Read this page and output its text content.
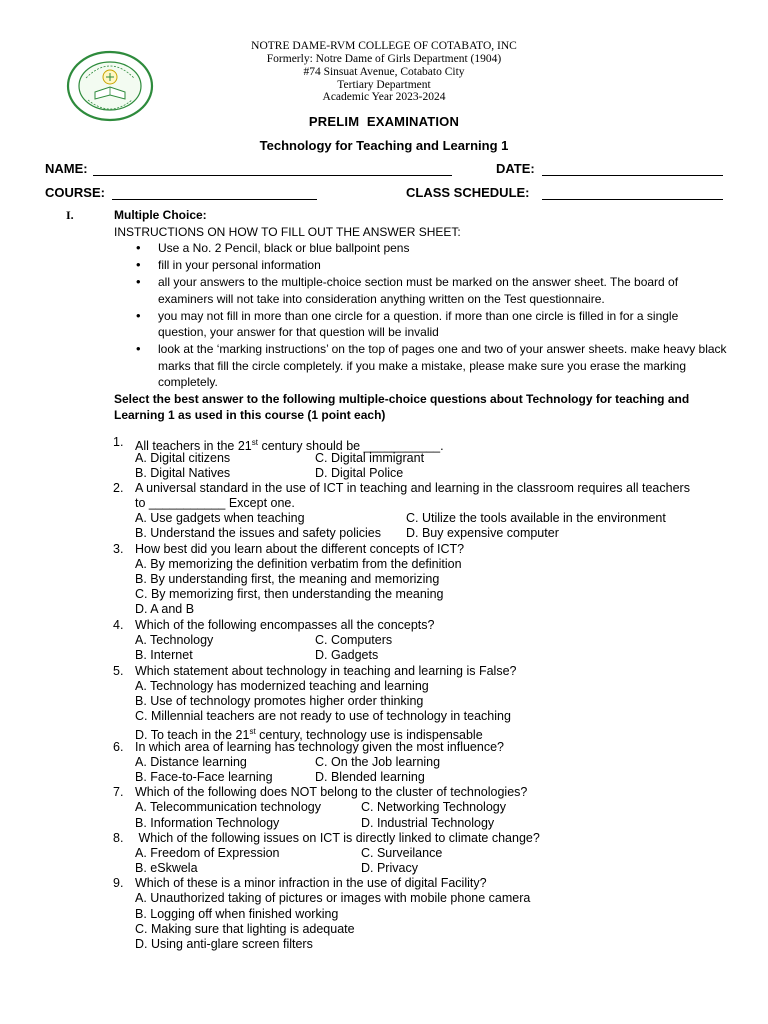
NOTRE DAME-RVM COLLEGE OF COTABATO, INC
Formerly: Notre Dame of Girls Department (1904)
#74 Sinsuat Avenue, Cotabato City
Tertiary Department
Academic Year 2023-2024
PRELIM  EXAMINATION
Technology for Teaching and Learning 1
NAME:	DATE:
COURSE:	CLASS SCHEDULE:
I.	Multiple Choice:
INSTRUCTIONS ON HOW TO FILL OUT THE ANSWER SHEET:
• Use a No. 2 Pencil, black or blue ballpoint pens
• fill in your personal information
• all your answers to the multiple-choice section must be marked on the answer sheet. The board of examiners will not take into consideration anything written on the Test questionnaire.
• you may not fill in more than one circle for a question. if more than one circle is filled in for a single question, your answer for that question will be invalid
• look at the ‘marking instructions’ on the top of pages one and two of your answer sheets. make heavy black marks that fill the circle completely. if you make a mistake, please make sure you erase the marking completely.
Select the best answer to the following multiple-choice questions about Technology for teaching and Learning 1 as used in this course (1 point each)
1. All teachers in the 21st century should be ___________.
A. Digital citizens	C. Digital immigrant
B. Digital Natives	D. Digital Police
2. A universal standard in the use of ICT in teaching and learning in the classroom requires all teachers
to ___________ Except one.
A. Use gadgets when teaching	C. Utilize the tools available in the environment
B. Understand the issues and safety policies D. Buy expensive computer
3. How best did you learn about the different concepts of ICT?
A. By memorizing the definition verbatim from the definition
B. By understanding first, the meaning and memorizing
C. By memorizing first, then understanding the meaning
D. A and B
4. Which of the following encompasses all the concepts?
A. Technology	C. Computers
B. Internet	D. Gadgets
5. Which statement about technology in teaching and learning is False?
A. Technology has modernized teaching and learning
B. Use of technology promotes higher order thinking
C. Millennial teachers are not ready to use of technology in teaching
D. To teach in the 21st century, technology use is indispensable
6. In which area of learning has technology given the most influence?
A. Distance learning	C. On the Job learning
B. Face-to-Face learning	D. Blended learning
7. Which of the following does NOT belong to the cluster of technologies?
A. Telecommunication technology	C. Networking Technology
B. Information Technology	D. Industrial Technology
8. Which of the following issues on ICT is directly linked to climate change?
A. Freedom of Expression	C. Surveilance
B. eSkwela	D. Privacy
9. Which of these is a minor infraction in the use of digital Facility?
A. Unauthorized taking of pictures or images with mobile phone camera
B. Logging off when finished working
C. Making sure that lighting is adequate
D. Using anti-glare screen filters
